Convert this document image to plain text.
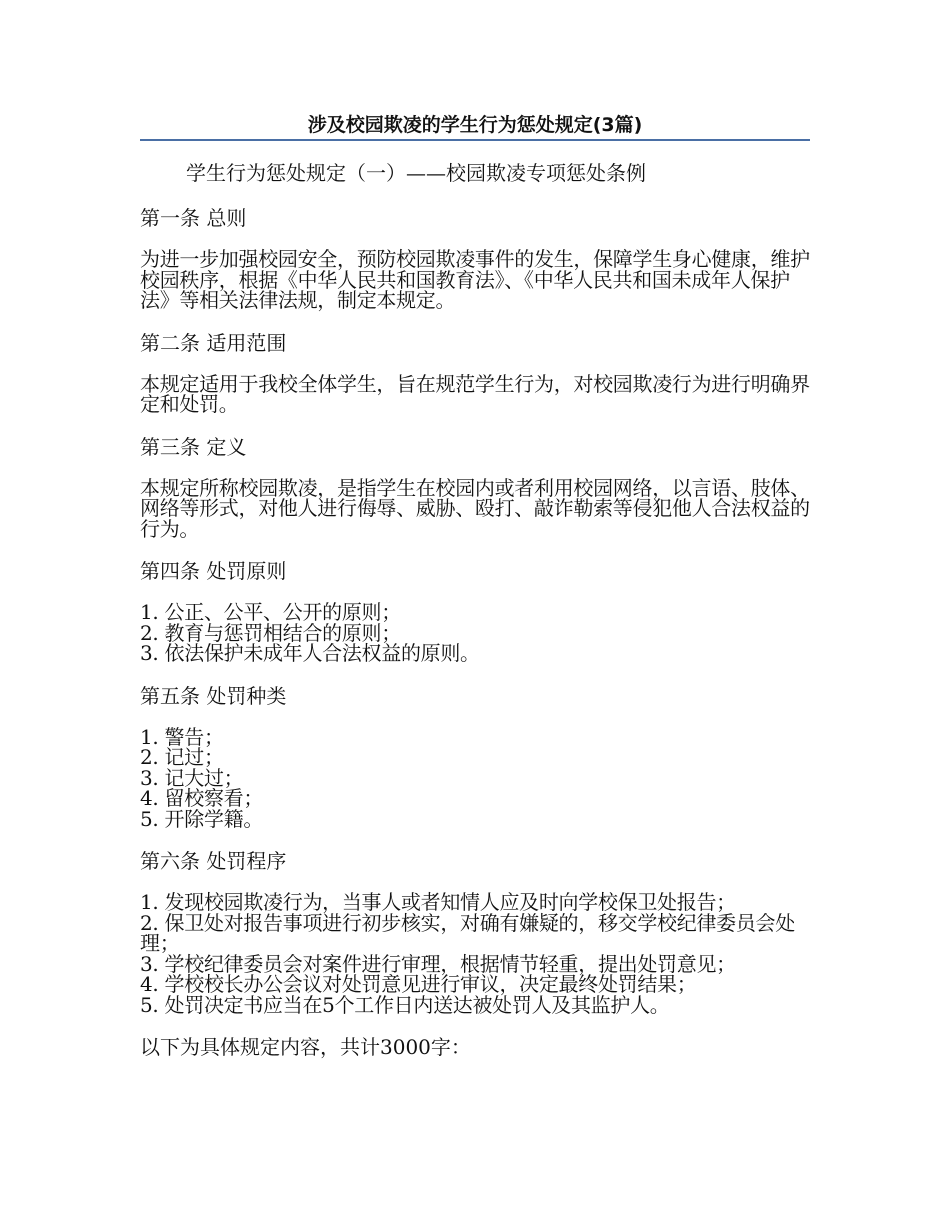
涉及校园欺凌的学生行为惩处规定(3篇)

学生行为惩处规定（一）——校园欺凌专项惩处条例

第一条 总则

为进一步加强校园安全，预防校园欺凌事件的发生，保障学生身心健康，维护校园秩序，根据《中华人民共和国教育法》、《中华人民共和国未成年人保护法》等相关法律法规，制定本规定。

第二条 适用范围

本规定适用于我校全体学生，旨在规范学生行为，对校园欺凌行为进行明确界定和处罚。

第三条 定义

本规定所称校园欺凌，是指学生在校园内或者利用校园网络，以言语、肢体、网络等形式，对他人进行侮辱、威胁、殴打、敲诈勒索等侵犯他人合法权益的行为。

第四条 处罚原则

1. 公正、公平、公开的原则；
2. 教育与惩罚相结合的原则；
3. 依法保护未成年人合法权益的原则。

第五条 处罚种类

1. 警告；
2. 记过；
3. 记大过；
4. 留校察看；
5. 开除学籍。

第六条 处罚程序

1. 发现校园欺凌行为，当事人或者知情人应及时向学校保卫处报告；
2. 保卫处对报告事项进行初步核实，对确有嫌疑的，移交学校纪律委员会处理；
3. 学校纪律委员会对案件进行审理，根据情节轻重，提出处罚意见；
4. 学校校长办公会议对处罚意见进行审议，决定最终处罚结果；
5. 处罚决定书应当在5个工作日内送达被处罚人及其监护人。

以下为具体规定内容，共计3000字：
